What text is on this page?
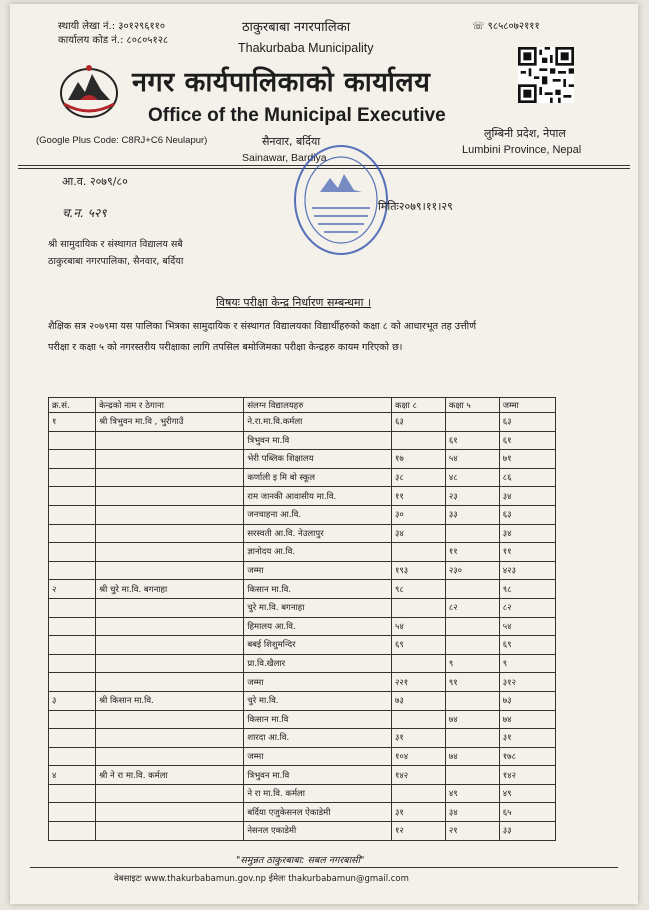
स्थायी लेखा नं.: ३०१२९६११०
कार्यालय कोड नं.: ८०८०५१२८
ठाकुरबाबा नगरपालिका
Thakurbaba Municipality
☏ ९८५८०७२१११
नगर कार्यपालिकाको कार्यालय
Office of the Municipal Executive
(Google Plus Code: C8RJ+C6 Neulapur)	सैनवार, बर्दिया
Sainawar, Bardiya
लुम्बिनी प्रदेश, नेपाल
Lumbini Province, Nepal
आ.व. २०७९/८०
च.न. ५२९	मितिः२०७९।११।२९
श्री सामुदायिक र संस्थागत विद्यालय सबै
ठाकुरबाबा नगरपालिका, सैनवार, बर्दिया
विषयः परीक्षा केन्द्र निर्धारण सम्बन्धमा ।
शैक्षिक सत्र २०७९मा यस पालिका भित्रका सामुदायिक र संस्थागत विद्यालयका विद्यार्थीहरुको कक्षा ८ को आधारभूत तह उत्तीर्ण
परीक्षा र कक्षा ५ को नगरस्तरीय परीक्षाका लागि तपसिल बमोजिमका परीक्षा केन्द्रहरु कायम गरिएको छ।
क्र.सं.	केन्द्रको नाम र ठेगाना	संलग्न विद्यालयहरु	कक्षा ८	कक्षा ५	जम्मा
१	श्री त्रिभुवन मा.वि , भुरीगाउँ	ने.रा.मा.वि.कर्मला	६३		६३
		त्रिभुवन मा.वि		६१	६१
		भेरी पब्लिक शिक्षालय	१७	५४	७१
		कर्णाली इ मि बो स्कूल	३८	४८	८६
		राम जानकी आवासीय मा.वि.	११	२३	३४
		जनचाहना आ.वि.	३०	३३	६३
		सरस्वती आ.वि. नेउलापुर	३४		३४
		ज्ञानोदय आ.वि.		११	११
		जम्मा	१९३	२३०	४२३
२	श्री चुरे मा.वि. बगनाहा	किसान मा.वि.	९८		९८
		चुरे मा.वि. बगनाहा		८२	८२
		हिमालय आ.वि.	५४		५४
		बबई शिशुमन्दिर	६९		६९
		प्रा.वि.खैलार		९	९
		जम्मा	२२१	९१	३१२
३	श्री किसान मा.वि.	चुरे मा.वि.	७३		७३
		किसान मा.वि		७४	७४
		शारदा आ.वि.	३१		३१
		जम्मा	१०४	७४	१७८
४	श्री ने रा मा.वि. कर्मला	त्रिभुवन मा.वि	१४२		१४२
		ने रा मा.वि. कर्मला		४९	४९
		बर्दिया एजुकेसनल ऐकाडेमी	३१	३४	६५
		नेसनल एकाडेमी	१२	२१	३३
"समुन्नत ठाकुरबाबा: सबल नगरबासी"
वेबसाइटः www.thakurbabamun.gov.np ईमेलः thakurbabamun@gmail.com
